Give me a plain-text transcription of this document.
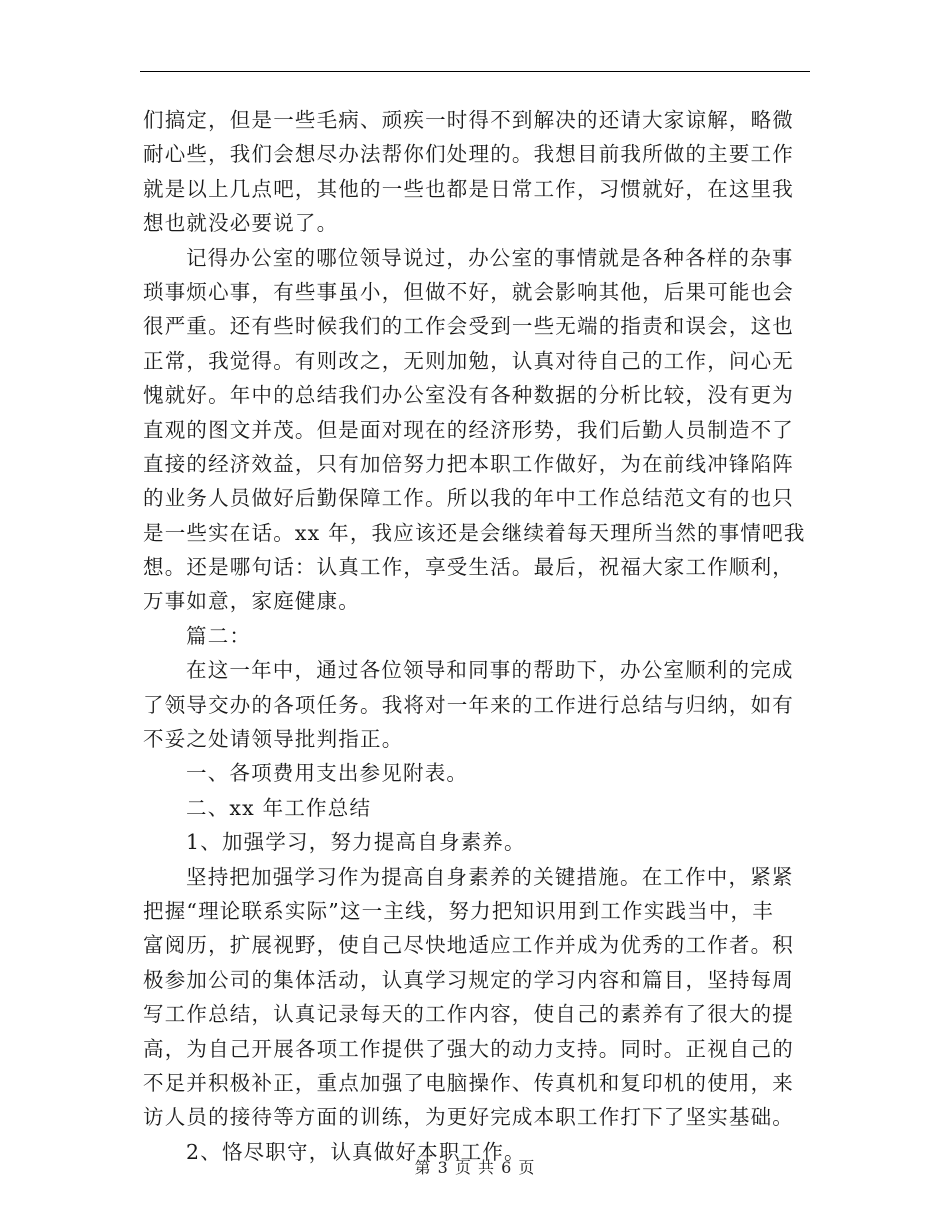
们搞定，但是一些毛病、顽疾一时得不到解决的还请大家谅解，略微
耐心些，我们会想尽办法帮你们处理的。我想目前我所做的主要工作
就是以上几点吧，其他的一些也都是日常工作，习惯就好，在这里我
想也就没必要说了。
记得办公室的哪位领导说过，办公室的事情就是各种各样的杂事
琐事烦心事，有些事虽小，但做不好，就会影响其他，后果可能也会
很严重。还有些时候我们的工作会受到一些无端的指责和误会，这也
正常，我觉得。有则改之，无则加勉，认真对待自己的工作，问心无
愧就好。年中的总结我们办公室没有各种数据的分析比较，没有更为
直观的图文并茂。但是面对现在的经济形势，我们后勤人员制造不了
直接的经济效益，只有加倍努力把本职工作做好，为在前线冲锋陷阵
的业务人员做好后勤保障工作。所以我的年中工作总结范文有的也只
是一些实在话。xx 年，我应该还是会继续着每天理所当然的事情吧我
想。还是哪句话：认真工作，享受生活。最后，祝福大家工作顺利，
万事如意，家庭健康。
篇二：
在这一年中，通过各位领导和同事的帮助下，办公室顺利的完成
了领导交办的各项任务。我将对一年来的工作进行总结与归纳，如有
不妥之处请领导批判指正。
一、各项费用支出参见附表。
二、xx 年工作总结
1、加强学习，努力提高自身素养。
坚持把加强学习作为提高自身素养的关键措施。在工作中，紧紧
把握“理论联系实际”这一主线，努力把知识用到工作实践当中，丰
富阅历，扩展视野，使自己尽快地适应工作并成为优秀的工作者。积
极参加公司的集体活动，认真学习规定的学习内容和篇目，坚持每周
写工作总结，认真记录每天的工作内容，使自己的素养有了很大的提
高，为自己开展各项工作提供了强大的动力支持。同时。正视自己的
不足并积极补正，重点加强了电脑操作、传真机和复印机的使用，来
访人员的接待等方面的训练，为更好完成本职工作打下了坚实基础。
2、恪尽职守，认真做好本职工作。
第 3 页 共 6 页
